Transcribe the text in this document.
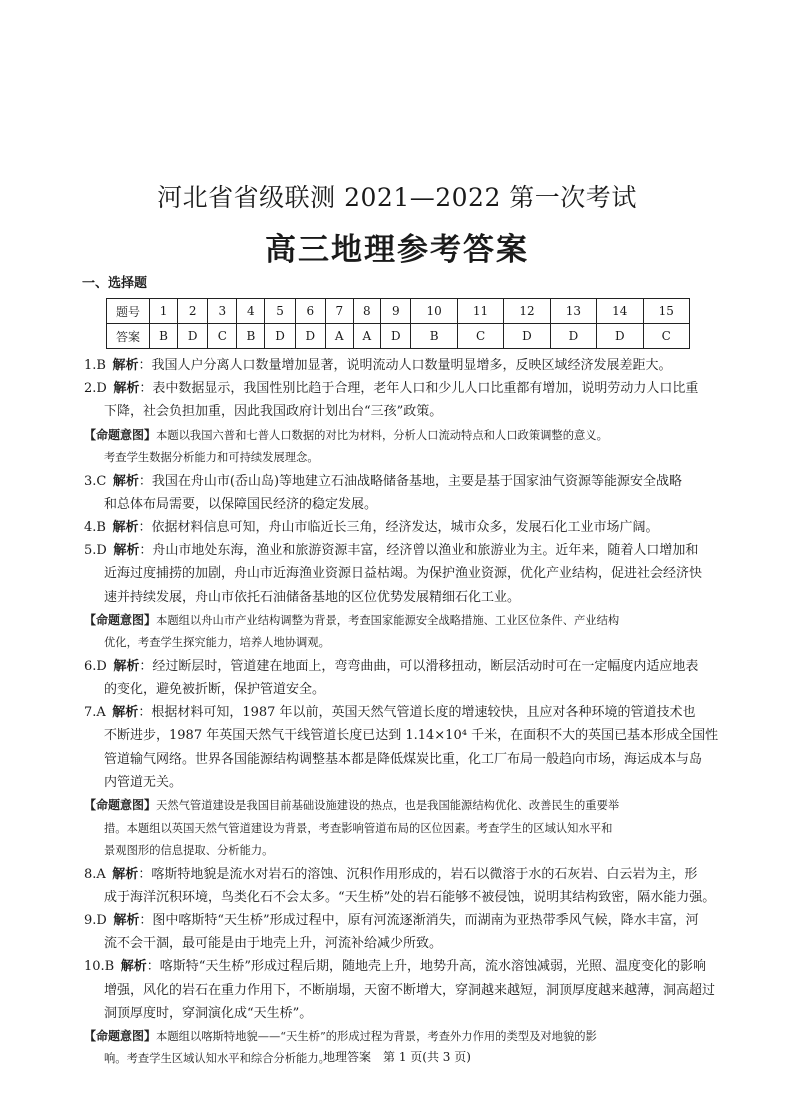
河北省省级联测 2021—2022 第一次考试
高三地理参考答案
一、选择题
题号	1	2	3	4	5	6	7	8	9	10	11	12	13	14	15
答案	B	D	C	B	D	D	A	A	D	B	C	D	D	D	C
1.B  解析：我国人户分离人口数量增加显著，说明流动人口数量明显增多，反映区域经济发展差距大。
2.D  解析：表中数据显示，我国性别比趋于合理，老年人口和少儿人口比重都有增加，说明劳动力人口比重
下降，社会负担加重，因此我国政府计划出台“三孩”政策。
【命题意图】本题以我国六普和七普人口数据的对比为材料，分析人口流动特点和人口政策调整的意义。
考查学生数据分析能力和可持续发展理念。
3.C  解析：我国在舟山市(岙山岛)等地建立石油战略储备基地，主要是基于国家油气资源等能源安全战略
和总体布局需要，以保障国民经济的稳定发展。
4.B  解析：依据材料信息可知，舟山市临近长三角，经济发达，城市众多，发展石化工业市场广阔。
5.D  解析：舟山市地处东海，渔业和旅游资源丰富，经济曾以渔业和旅游业为主。近年来，随着人口增加和
近海过度捕捞的加剧，舟山市近海渔业资源日益枯竭。为保护渔业资源，优化产业结构，促进社会经济快
速并持续发展，舟山市依托石油储备基地的区位优势发展精细石化工业。
【命题意图】本题组以舟山市产业结构调整为背景，考查国家能源安全战略措施、工业区位条件、产业结构
优化，考查学生探究能力，培养人地协调观。
6.D  解析：经过断层时，管道建在地面上，弯弯曲曲，可以滑移扭动，断层活动时可在一定幅度内适应地表
的变化，避免被折断，保护管道安全。
7.A  解析：根据材料可知，1987 年以前，英国天然气管道长度的增速较快，且应对各种环境的管道技术也
不断进步，1987 年英国天然气干线管道长度已达到 1.14×10⁴ 千米，在面积不大的英国已基本形成全国性
管道输气网络。世界各国能源结构调整基本都是降低煤炭比重，化工厂布局一般趋向市场，海运成本与岛
内管道无关。
【命题意图】天然气管道建设是我国目前基础设施建设的热点，也是我国能源结构优化、改善民生的重要举
措。本题组以英国天然气管道建设为背景，考查影响管道布局的区位因素。考查学生的区域认知水平和
景观图形的信息提取、分析能力。
8.A  解析：喀斯特地貌是流水对岩石的溶蚀、沉积作用形成的，岩石以微溶于水的石灰岩、白云岩为主，形
成于海洋沉积环境，鸟类化石不会太多。“天生桥”处的岩石能够不被侵蚀，说明其结构致密，隔水能力强。
9.D  解析：图中喀斯特“天生桥”形成过程中，原有河流逐渐消失，而湖南为亚热带季风气候，降水丰富，河
流不会干涸，最可能是由于地壳上升，河流补给减少所致。
10.B  解析：喀斯特“天生桥”形成过程后期，随地壳上升，地势升高，流水溶蚀减弱，光照、温度变化的影响
增强，风化的岩石在重力作用下，不断崩塌，天窗不断增大，穿洞越来越短，洞顶厚度越来越薄，洞高超过
洞顶厚度时，穿洞演化成“天生桥”。
【命题意图】本题组以喀斯特地貌——“天生桥”的形成过程为背景，考查外力作用的类型及对地貌的影
响。考查学生区域认知水平和综合分析能力。
地理答案　第 1 页(共 3 页)
